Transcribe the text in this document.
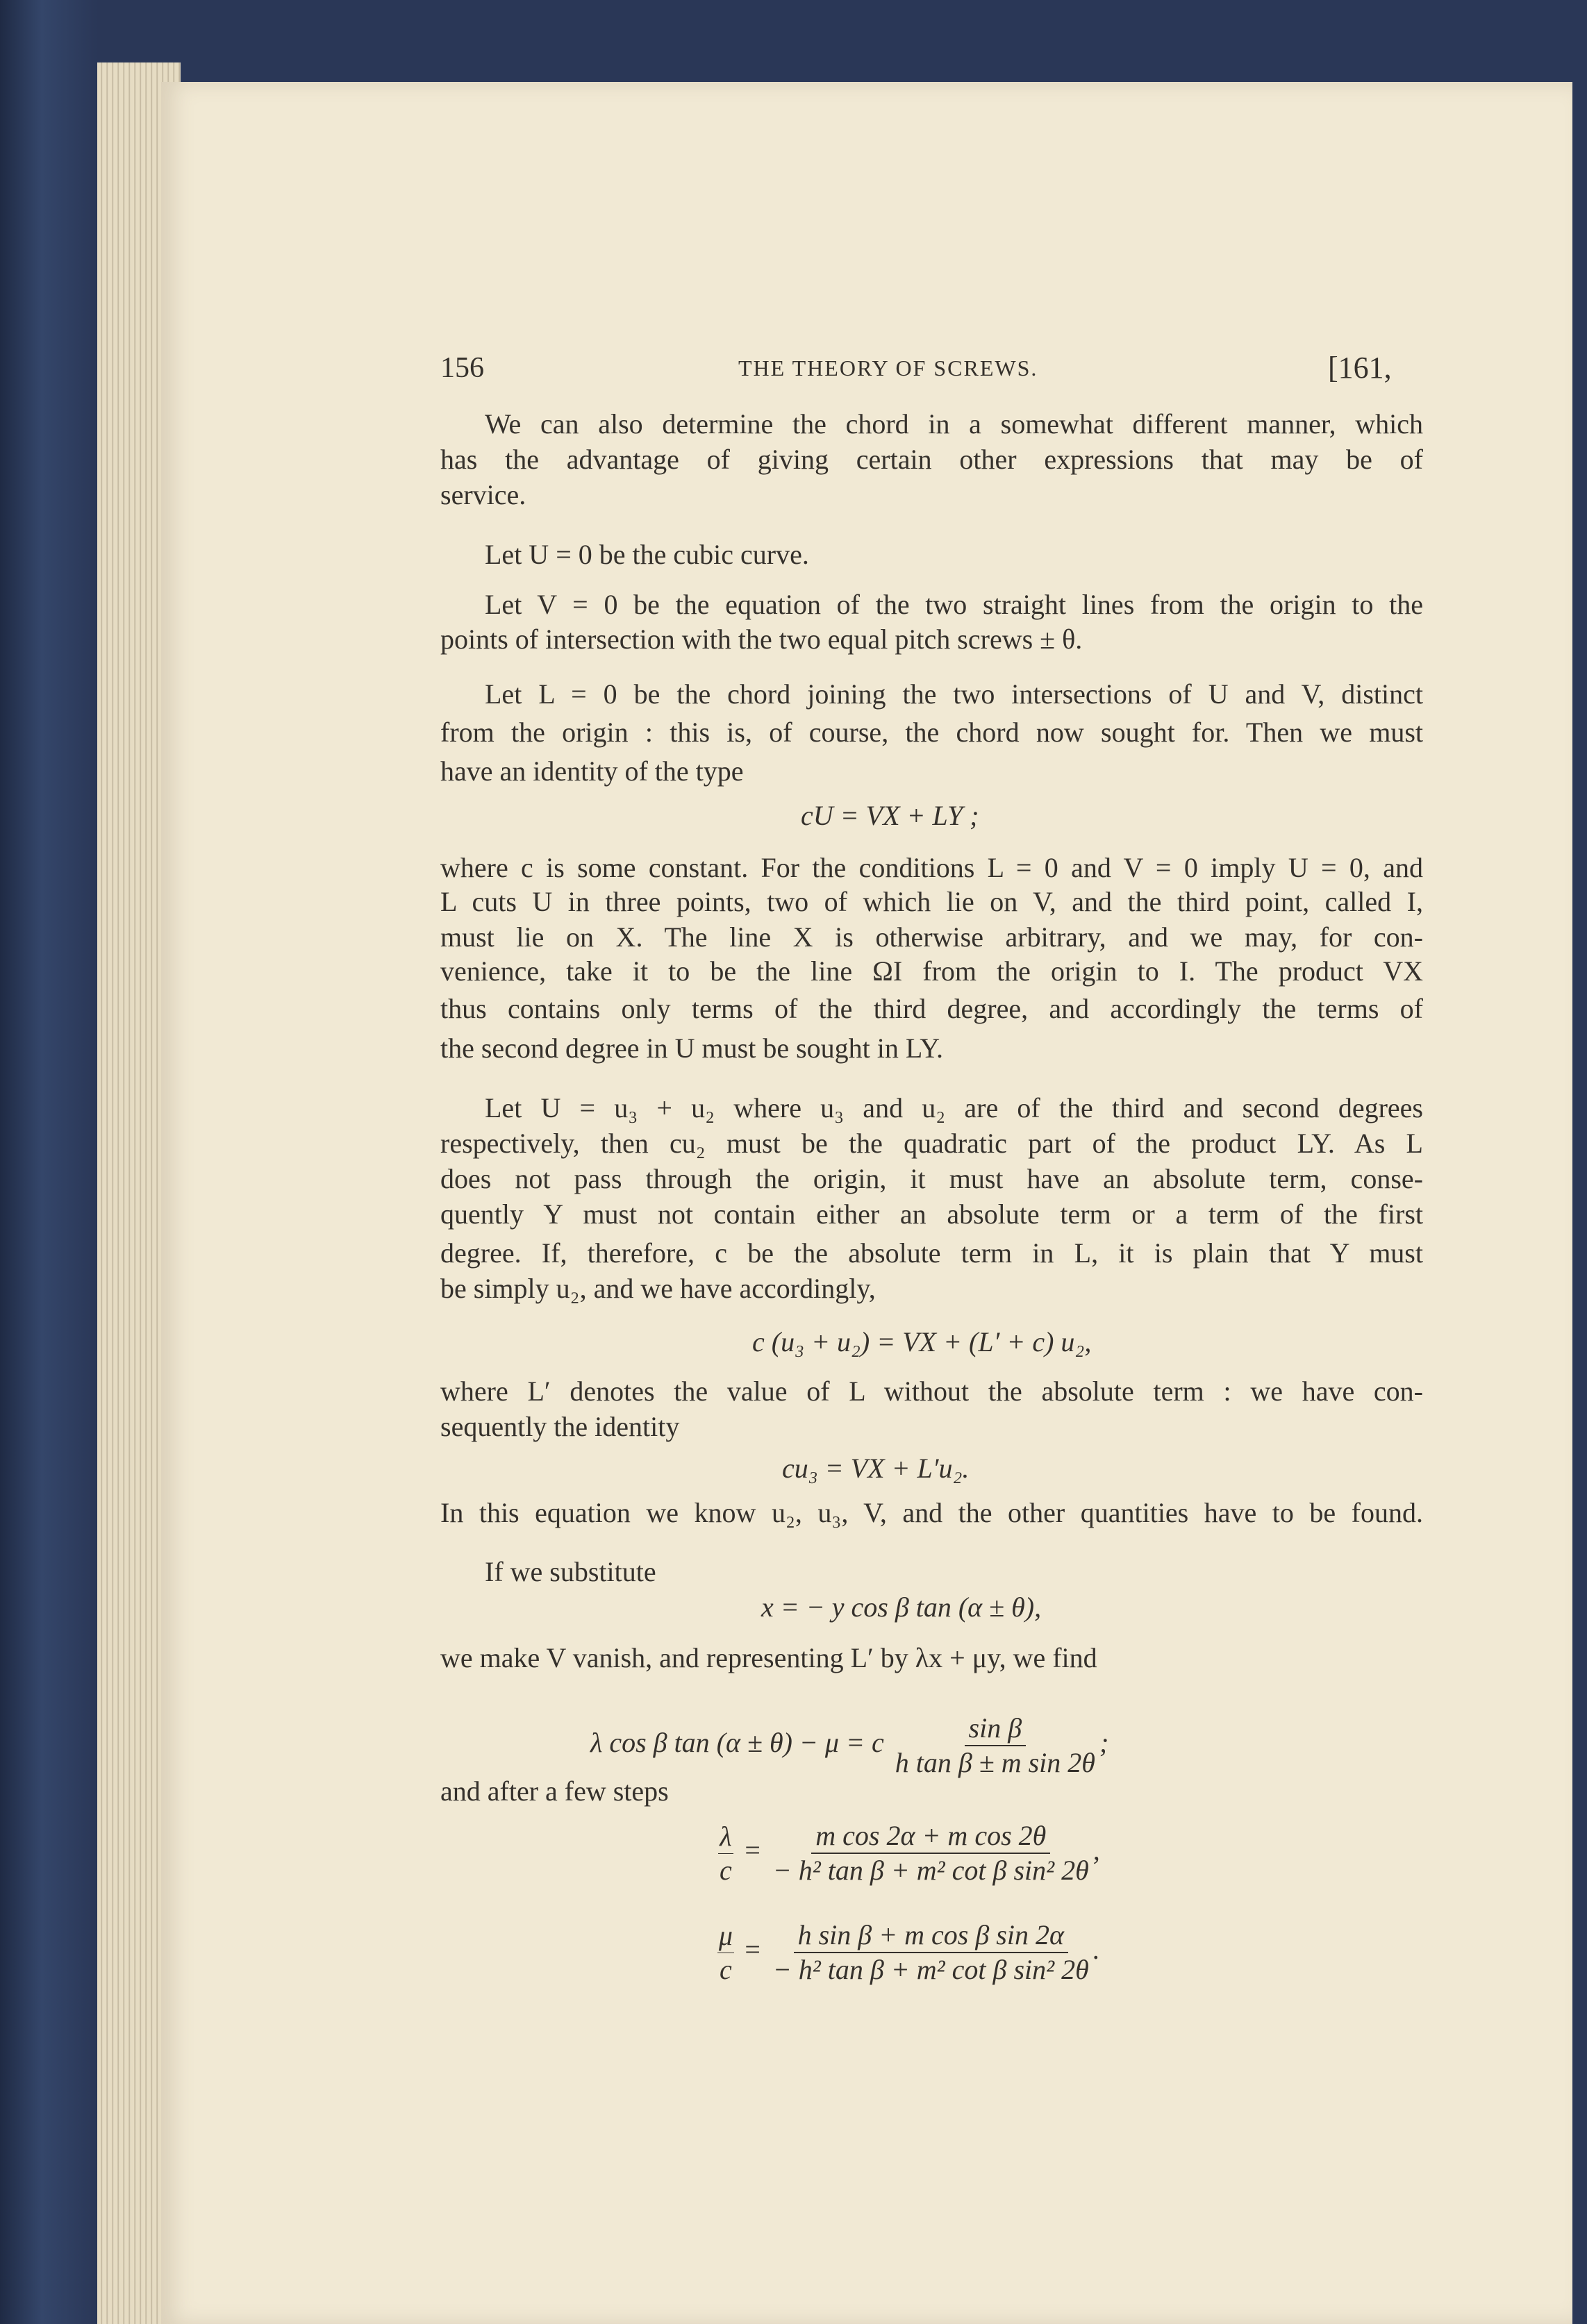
156	THE THEORY OF SCREWS.	[161,
We can also determine the chord in a somewhat different manner, which
has the advantage of giving certain other expressions that may be of
service.
Let U = 0 be the cubic curve.
Let V = 0 be the equation of the two straight lines from the origin to the
points of intersection with the two equal pitch screws ± θ.
Let L = 0 be the chord joining the two intersections of U and V, distinct
from the origin : this is, of course, the chord now sought for. Then we must
have an identity of the type
cU = VX + LY ;
where c is some constant. For the conditions L = 0 and V = 0 imply U = 0, and
L cuts U in three points, two of which lie on V, and the third point, called I,
must lie on X. The line X is otherwise arbitrary, and we may, for con-
venience, take it to be the line ΩI from the origin to I. The product VX
thus contains only terms of the third degree, and accordingly the terms of
the second degree in U must be sought in LY.
Let U = u₃ + u₂ where u₃ and u₂ are of the third and second degrees
respectively, then cu₂ must be the quadratic part of the product LY. As L
does not pass through the origin, it must have an absolute term, conse-
quently Y must not contain either an absolute term or a term of the first
degree. If, therefore, c be the absolute term in L, it is plain that Y must
be simply u₂, and we have accordingly,
c (u₃ + u₂) = VX + (L′ + c) u₂,
where L′ denotes the value of L without the absolute term : we have con-
sequently the identity
cu₃ = VX + L′u₂.
In this equation we know u₂, u₃, V, and the other quantities have to be found.
If we substitute
x = − y cos β tan (α ± θ),
we make V vanish, and representing L′ by λx + μy, we find
λ cos β tan (α ± θ) − μ = c $\frac{\text{sin β}}{\text{h tan β ± m sin 2θ}}$ ;
and after a few steps
$\frac{\lambda}{c} = \frac{\text{m cos 2α + m cos 2θ}}{\text{− h² tan β + m² cot β sin² 2θ}}$ ,
$\frac{\mu}{c} = \frac{\text{h sin β + m cos β sin 2α}}{\text{− h² tan β + m² cot β sin² 2θ}}$ .
